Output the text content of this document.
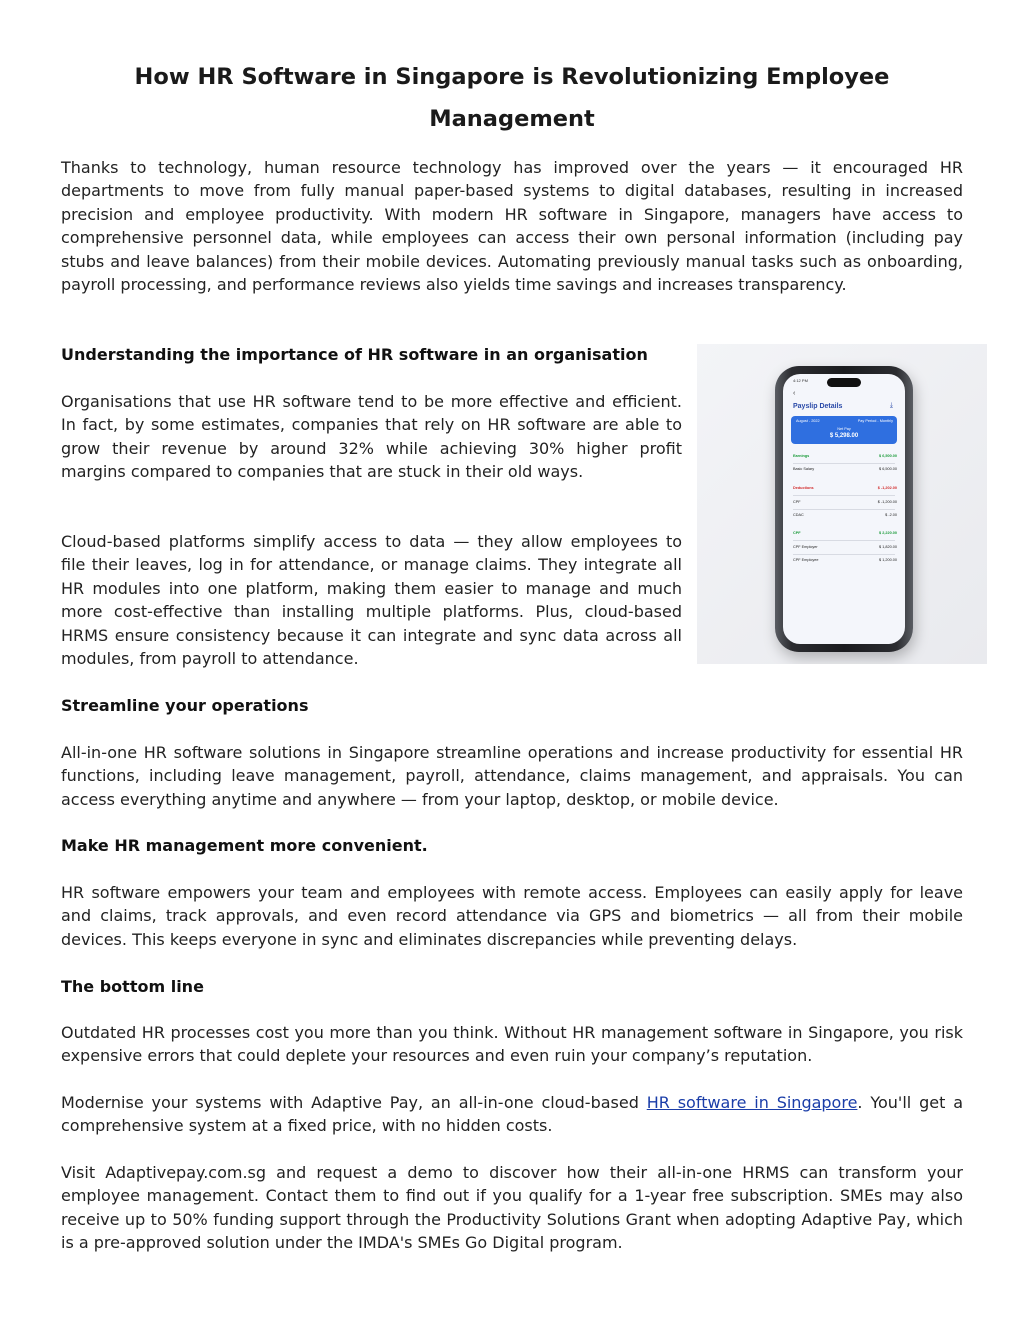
How HR Software in Singapore is Revolutionizing Employee
Management

Thanks to technology, human resource technology has improved over the years — it encouraged HR departments to move from fully manual paper-based systems to digital databases, resulting in increased precision and employee productivity. With modern HR software in Singapore, managers have access to comprehensive personnel data, while employees can access their own personal information (including pay stubs and leave balances) from their mobile devices. Automating previously manual tasks such as onboarding, payroll processing, and performance reviews also yields time savings and increases transparency.

Understanding the importance of HR software in an organisation

Organisations that use HR software tend to be more effective and efficient. In fact, by some estimates, companies that rely on HR software are able to grow their revenue by around 32% while achieving 30% higher profit margins compared to companies that are stuck in their old ways.

Cloud-based platforms simplify access to data — they allow employees to file their leaves, log in for attendance, or manage claims. They integrate all HR modules into one platform, making them easier to manage and much more cost-effective than installing multiple platforms. Plus, cloud-based HRMS ensure consistency because it can integrate and sync data across all modules, from payroll to attendance.

4:12 PM
‹
Payslip Details	⤓
August - 2022	Pay Period - Monthly
Net Pay
$ 5,298.00
Earnings	$ 6,500.00
Basic Salary	$ 6,500.00
Deductions	$ -1,202.00
CPF	$ -1,200.00
CDAC	$ -2.00
CPF	$ 2,220.00
CPF Employer	$ 1,820.00
CPF Employee	$ 1,200.00
Streamline your operations

All-in-one HR software solutions in Singapore streamline operations and increase productivity for essential HR functions, including leave management, payroll, attendance, claims management, and appraisals. You can access everything anytime and anywhere — from your laptop, desktop, or mobile device.

Make HR management more convenient.

HR software empowers your team and employees with remote access. Employees can easily apply for leave and claims, track approvals, and even record attendance via GPS and biometrics — all from their mobile devices. This keeps everyone in sync and eliminates discrepancies while preventing delays.

The bottom line

Outdated HR processes cost you more than you think. Without HR management software in Singapore, you risk expensive errors that could deplete your resources and even ruin your company’s reputation.

Modernise your systems with Adaptive Pay, an all-in-one cloud-based HR software in Singapore. You'll get a comprehensive system at a fixed price, with no hidden costs.

Visit Adaptivepay.com.sg and request a demo to discover how their all-in-one HRMS can transform your employee management. Contact them to find out if you qualify for a 1-year free subscription. SMEs may also receive up to 50% funding support through the Productivity Solutions Grant when adopting Adaptive Pay, which is a pre-approved solution under the IMDA's SMEs Go Digital program.
